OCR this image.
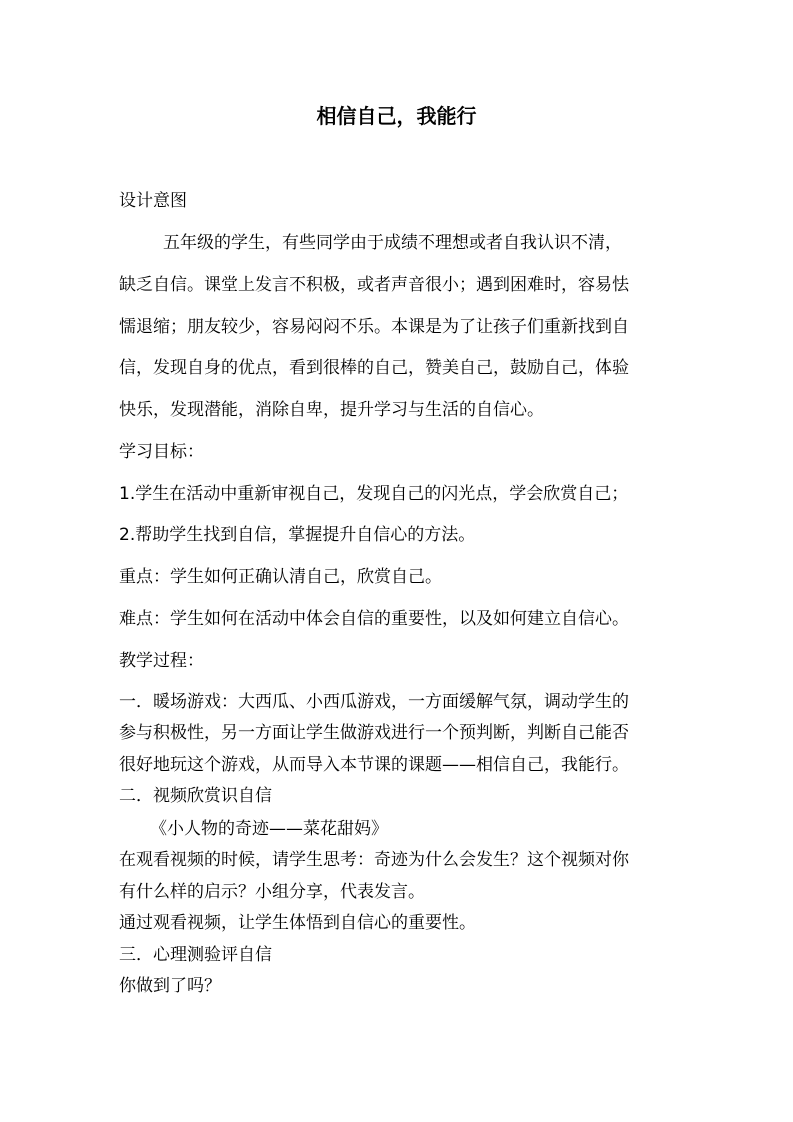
相信自己，我能行
设计意图
五年级的学生，有些同学由于成绩不理想或者自我认识不清，
缺乏自信。课堂上发言不积极，或者声音很小；遇到困难时，容易怯
懦退缩；朋友较少，容易闷闷不乐。本课是为了让孩子们重新找到自
信，发现自身的优点，看到很棒的自己，赞美自己，鼓励自己，体验
快乐，发现潜能，消除自卑，提升学习与生活的自信心。
学习目标：
1.学生在活动中重新审视自己，发现自己的闪光点，学会欣赏自己；
2.帮助学生找到自信，掌握提升自信心的方法。
重点：学生如何正确认清自己，欣赏自己。
难点：学生如何在活动中体会自信的重要性，以及如何建立自信心。
教学过程：
一．暖场游戏：大西瓜、小西瓜游戏，一方面缓解气氛，调动学生的
参与积极性，另一方面让学生做游戏进行一个预判断，判断自己能否
很好地玩这个游戏，从而导入本节课的课题——相信自己，我能行。
二．视频欣赏识自信
《小人物的奇迹——菜花甜妈》
在观看视频的时候，请学生思考：奇迹为什么会发生？这个视频对你
有什么样的启示？小组分享，代表发言。
通过观看视频，让学生体悟到自信心的重要性。
三．心理测验评自信
你做到了吗？
